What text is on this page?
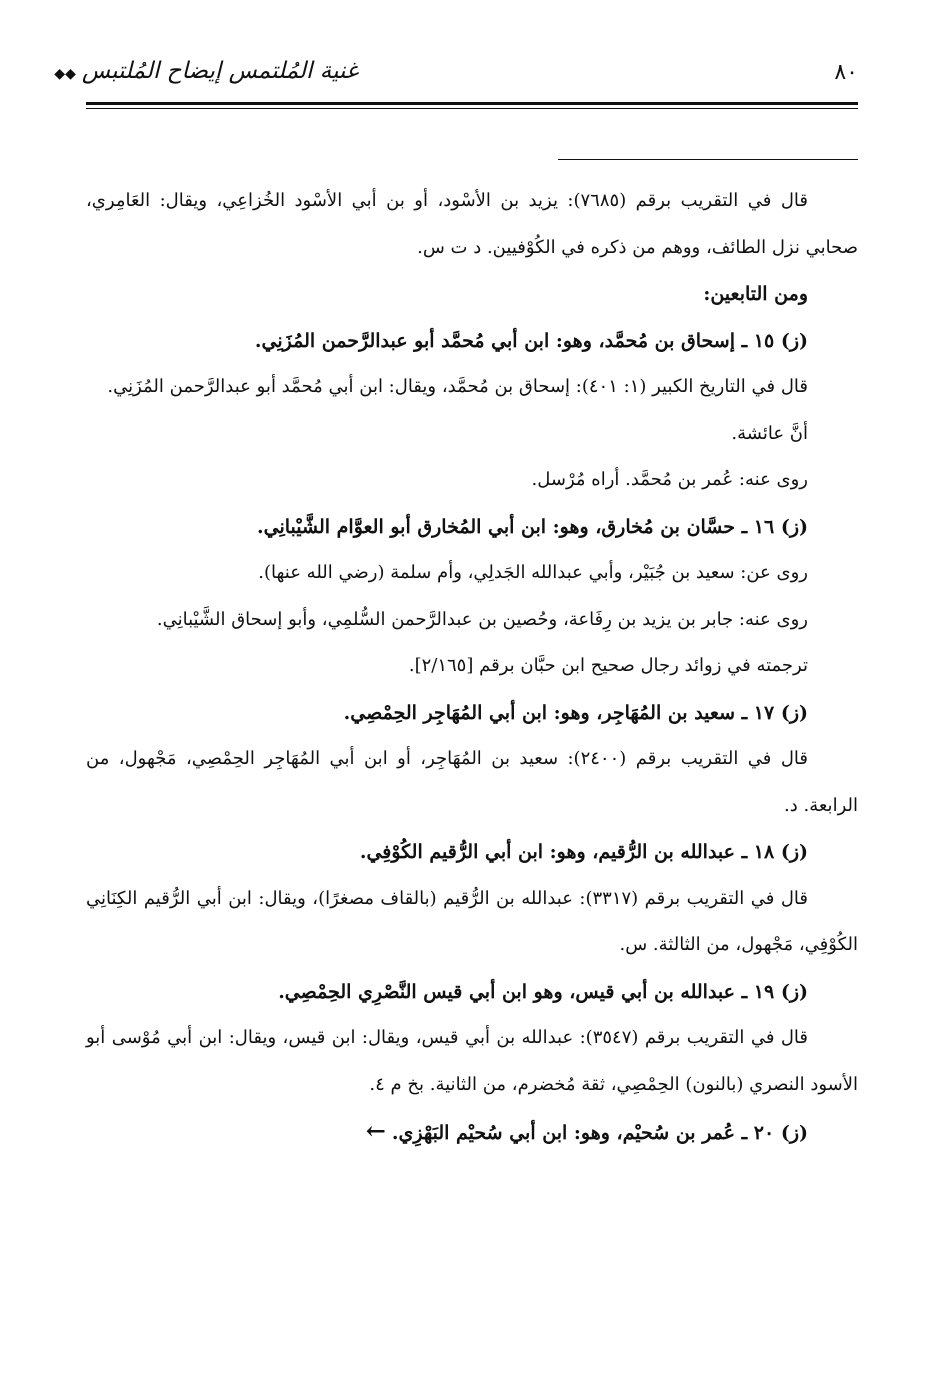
٨٠
غنية المُلتمس إيضاح المُلتبس◆◆

قال في التقريب برقم (٧٦٨٥): يزيد بن الأسْود، أو بن أبي الأسْود الخُزاعِي، ويقال: العَامِري، صحابي نزل الطائف، ووهم من ذكره في الكُوْفيين. د ت س.

ومن التابعين:

(ز) ١٥ ـ إسحاق بن مُحمَّد، وهو: ابن أبي مُحمَّد أبو عبدالرَّحمن المُزَنِي.

قال في التاريخ الكبير (١: ٤٠١): إسحاق بن مُحمَّد، ويقال: ابن أبي مُحمَّد أبو عبدالرَّحمن المُزَنِي.

أنَّ عائشة.

روى عنه: عُمر بن مُحمَّد. أراه مُرْسل.

(ز) ١٦ ـ حسَّان بن مُخارق، وهو: ابن أبي المُخارق أبو العوَّام الشَّيْبانِي.

روى عن: سعيد بن جُبَيْر، وأبي عبدالله الجَدلِي، وأم سلمة (رضي الله عنها).

روى عنه: جابر بن يزيد بن رِفَاعة، وحُصين بن عبدالرَّحمن السُّلمِي، وأبو إسحاق الشَّيْبانِي.

ترجمته في زوائد رجال صحيح ابن حبَّان برقم [٢/١٦٥].

(ز) ١٧ ـ سعيد بن المُهَاجِر، وهو: ابن أبي المُهَاجِر الحِمْصِي.

قال في التقريب برقم (٢٤٠٠): سعيد بن المُهَاجِر، أو ابن أبي المُهَاجِر الحِمْصِي، مَجْهول، من الرابعة. د.

(ز) ١٨ ـ عبدالله بن الرُّقيم، وهو: ابن أبي الرُّقيم الكُوْفِي.

قال في التقريب برقم (٣٣١٧): عبدالله بن الرُّقيم (بالقاف مصغرًا)، ويقال: ابن أبي الرُّقيم الكِنَانِي الكُوْفِي، مَجْهول، من الثالثة. س.

(ز) ١٩ ـ عبدالله بن أبي قيس، وهو ابن أبي قيس النَّصْرِي الحِمْصِي.

قال في التقريب برقم (٣٥٤٧): عبدالله بن أبي قيس، ويقال: ابن قيس، ويقال: ابن أبي مُوْسى أبو الأسود النصري (بالنون) الحِمْصِي، ثقة مُخضرم، من الثانية. بخ م ٤.

(ز) ٢٠ ـ عُمر بن سُحيْم، وهو: ابن أبي سُحيْم البَهْزِي.←
